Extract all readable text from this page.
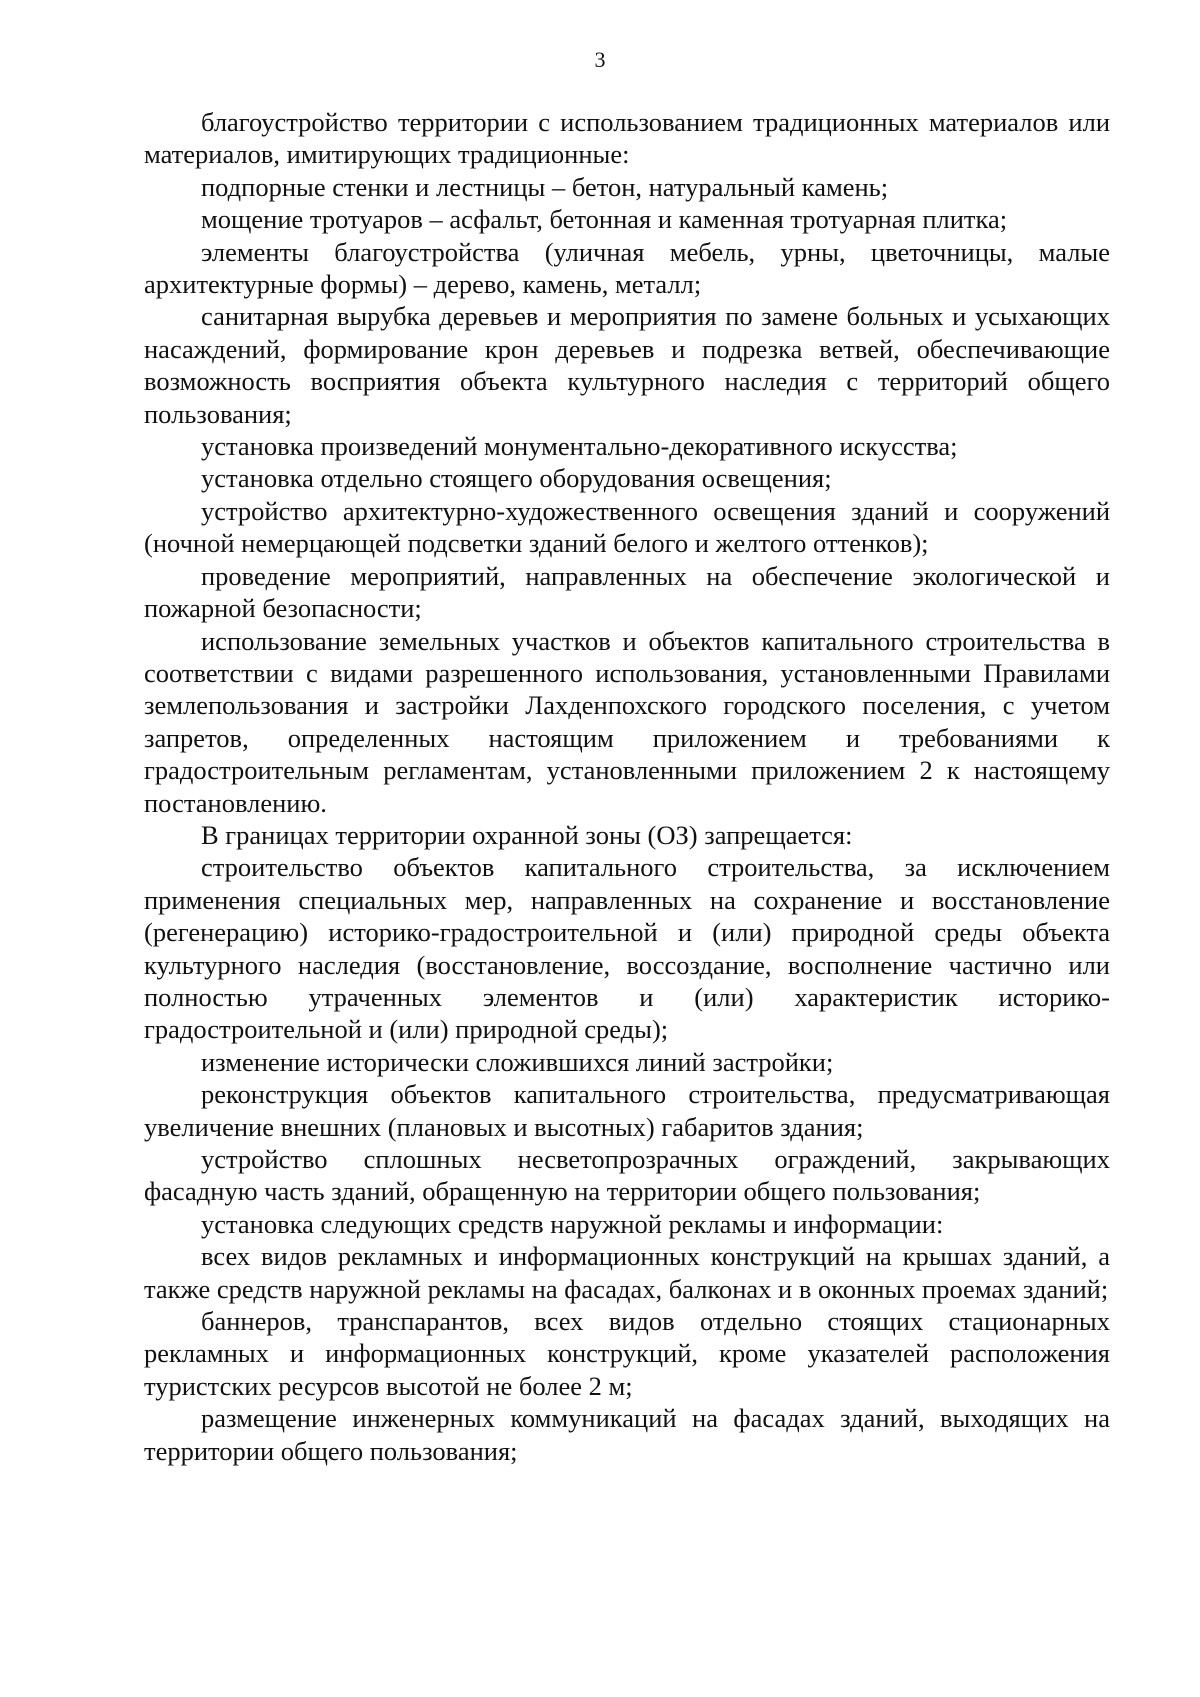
3

благоустройство территории с использованием традиционных материалов или материалов, имитирующих традиционные:

подпорные стенки и лестницы – бетон, натуральный камень;

мощение тротуаров – асфальт, бетонная и каменная тротуарная плитка;

элементы благоустройства (уличная мебель, урны, цветочницы, малые архитектурные формы) – дерево, камень, металл;

санитарная вырубка деревьев и мероприятия по замене больных и усыхающих насаждений, формирование крон деревьев и подрезка ветвей, обеспечивающие возможность восприятия объекта культурного наследия с территорий общего пользования;

установка произведений монументально-декоративного искусства;

установка отдельно стоящего оборудования освещения;

устройство архитектурно-художественного освещения зданий и сооружений (ночной немерцающей подсветки зданий белого и желтого оттенков);

проведение мероприятий, направленных на обеспечение экологической и пожарной безопасности;

использование земельных участков и объектов капитального строительства в соответствии с видами разрешенного использования, установленными Правилами землепользования и застройки Лахденпохского городского поселения, с учетом запретов, определенных настоящим приложением и требованиями к градостроительным регламентам, установленными приложением 2 к настоящему постановлению.

В границах территории охранной зоны (ОЗ) запрещается:

строительство объектов капитального строительства, за исключением применения специальных мер, направленных на сохранение и восстановление (регенерацию) историко-градостроительной и (или) природной среды объекта культурного наследия (восстановление, воссоздание, восполнение частично или полностью утраченных элементов и (или) характеристик историко-градостроительной и (или) природной среды);

изменение исторически сложившихся линий застройки;

реконструкция объектов капитального строительства, предусматривающая увеличение внешних (плановых и высотных) габаритов здания;

устройство сплошных несветопрозрачных ограждений, закрывающих фасадную часть зданий, обращенную на территории общего пользования;

установка следующих средств наружной рекламы и информации:

всех видов рекламных и информационных конструкций на крышах зданий, а также средств наружной рекламы на фасадах, балконах и в оконных проемах зданий;

баннеров, транспарантов, всех видов отдельно стоящих стационарных рекламных и информационных конструкций, кроме указателей расположения туристских ресурсов высотой не более 2 м;

размещение инженерных коммуникаций на фасадах зданий, выходящих на территории общего пользования;
